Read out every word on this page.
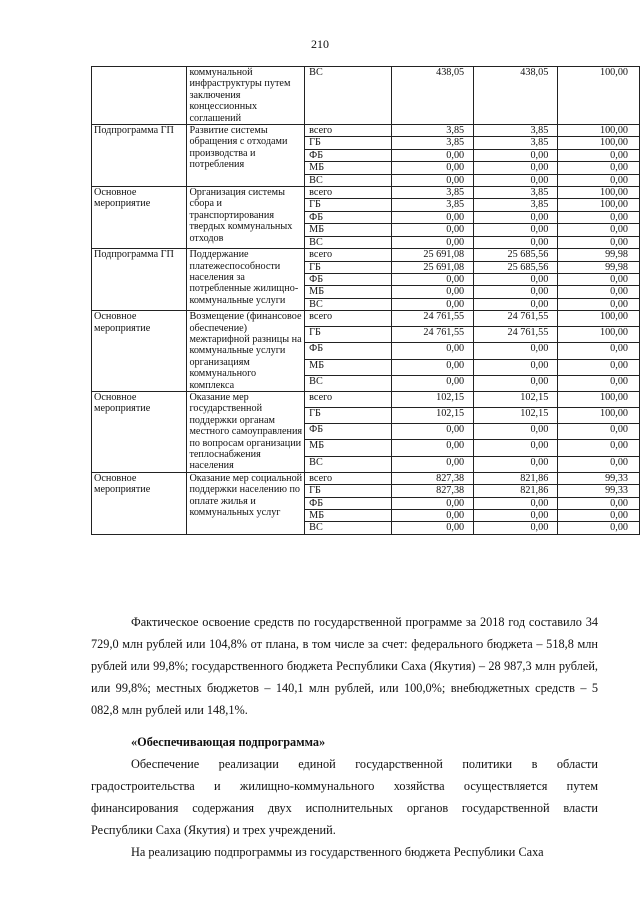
210
	коммунальной инфраструктуры путем заключения концессионных соглашений	ВС	438,05	438,05	100,00
Подпрограмма ГП	Развитие системы обращения с отходами производства и потребления	всего	3,85	3,85	100,00
		ГБ	3,85	3,85	100,00
		ФБ	0,00	0,00	0,00
		МБ	0,00	0,00	0,00
		ВС	0,00	0,00	0,00
Основное мероприятие	Организация системы сбора и транспортирования твердых коммунальных отходов	всего	3,85	3,85	100,00
		ГБ	3,85	3,85	100,00
		ФБ	0,00	0,00	0,00
		МБ	0,00	0,00	0,00
		ВС	0,00	0,00	0,00
Подпрограмма ГП	Поддержание платежеспособности населения за потребленные жилищно-коммунальные услуги	всего	25 691,08	25 685,56	99,98
		ГБ	25 691,08	25 685,56	99,98
		ФБ	0,00	0,00	0,00
		МБ	0,00	0,00	0,00
		ВС	0,00	0,00	0,00
Основное мероприятие	Возмещение (финансовое обеспечение) межтарифной разницы на коммунальные услуги организациям коммунального комплекса	всего	24 761,55	24 761,55	100,00
		ГБ	24 761,55	24 761,55	100,00
		ФБ	0,00	0,00	0,00
		МБ	0,00	0,00	0,00
		ВС	0,00	0,00	0,00
Основное мероприятие	Оказание мер государственной поддержки органам местного самоуправления по вопросам организации теплоснабжения населения	всего	102,15	102,15	100,00
		ГБ	102,15	102,15	100,00
		ФБ	0,00	0,00	0,00
		МБ	0,00	0,00	0,00
		ВС	0,00	0,00	0,00
Основное мероприятие	Оказание мер социальной поддержки населению по оплате жилья и коммунальных услуг	всего	827,38	821,86	99,33
		ГБ	827,38	821,86	99,33
		ФБ	0,00	0,00	0,00
		МБ	0,00	0,00	0,00
		ВС	0,00	0,00	0,00

Фактическое освоение средств по государственной программе за 2018 год составило 34 729,0 млн рублей или 104,8% от плана, в том числе за счет: федерального бюджета – 518,8 млн рублей или 99,8%; государственного бюджета Республики Саха (Якутия) – 28 987,3 млн рублей, или 99,8%; местных бюджетов – 140,1 млн рублей, или 100,0%; внебюджетных средств – 5 082,8 млн рублей или 148,1%.

«Обеспечивающая подпрограмма»

Обеспечение реализации единой государственной политики в области градостроительства и жилищно-коммунального хозяйства осуществляется путем финансирования содержания двух исполнительных органов государственной власти Республики Саха (Якутия) и трех учреждений.

На реализацию подпрограммы из государственного бюджета Республики Саха
